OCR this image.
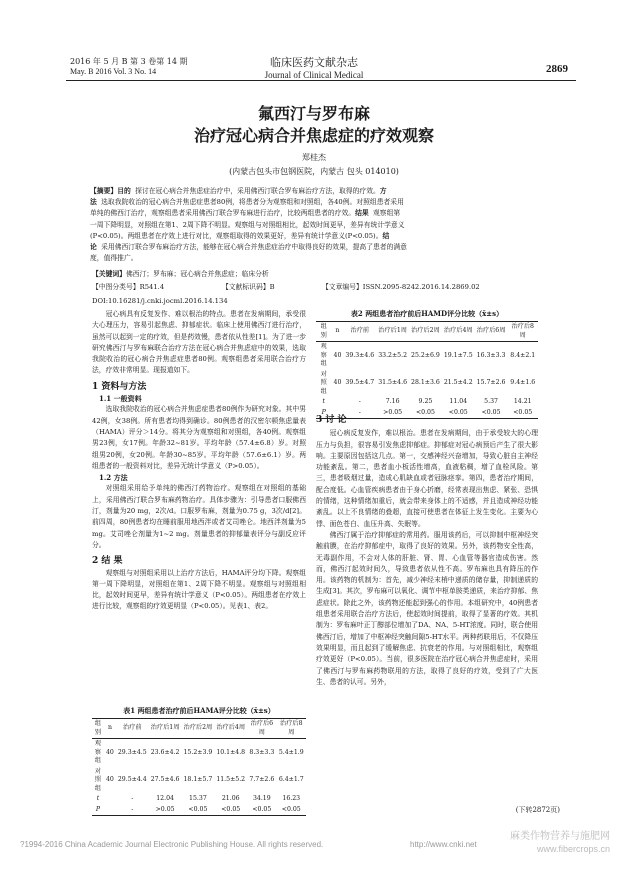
2016 年 5 月 B 第 3 卷第 14 期
May. B 2016 Vol. 3 No. 14
临床医药文献杂志
Journal of Clinical Medical	2869
氟西汀与罗布麻
治疗冠心病合并焦虑症的疗效观察
郑桂杰
(内蒙古包头市包钢医院，内蒙古 包头 014010)
【摘要】目的 探讨在冠心病合并焦虑症治疗中，采用佛西汀联合罗布麻治疗方法，取得的疗效。方
法 选取我院收治的冠心病合并焦虑症患者80例，将患者分为观察组和对照组，各40例。对照组患者采用
单纯的佛西汀治疗，观察组患者采用佛西汀联合罗布麻进行治疗，比较两组患者的疗效。结果 观察组第
一周下降明显，对照组在第1、2周下降不明显。观察组与对照组相比，起效时间更早，差异有统计学意义
(P<0.05)。两组患者在疗效上进行对比，观察组取得的效果更好，差异有统计学意义(P<0.05)。结
论 采用佛西汀联合罗布麻治疗方法，能够在冠心病合并焦虑症治疗中取得良好的效果，提高了患者的满意
度，值得推广。
【关键词】佛西汀；罗布麻；冠心病合并焦虑症；临床分析
【中图分类号】R541.4	【文献标识码】B	【文章编号】ISSN.2095-8242.2016.14.2869.02
DOI:10.16281/j.cnki.jocml.2016.14.134

冠心病具有反复发作、难以根治的特点。患者在发病期间，承受很大心理压力，容易引起焦虑、抑郁症状。临床上使用佛西汀进行治疗，虽然可以起到一定的疗效，但是药效慢，患者依从性差[1]。为了进一步研究佛西汀与罗布麻联合治疗方法在冠心病合并焦虑症中的效果，选取我院收治的冠心病合并焦虑症患者80例。观察组患者采用联合治疗方法，疗效非常明显。现报道如下。

1 资料与方法
1.1 一般资料

选取我院收治的冠心病合并焦虑症患者80例作为研究对象。其中男42例，女38例。所有患者均得到确诊。80例患者的汉密尔顿焦虑量表（HAMA）评分＞14分。将其分为观察组和对照组，各40例。观察组男23例，女17例。年龄32~81岁。平均年龄（57.4±6.8）岁。对照组男20例，女20例。年龄30~85岁。平均年龄（57.6±6.1）岁。两组患者的一般资料对比，差异无统计学意义（P>0.05）。

1.2 方法

对照组采用给予单纯的佛西汀药物治疗。观察组在对照组的基础上，采用佛西汀联合罗布麻药物治疗。具体步骤为：引导患者口服佛西汀，剂量为20 mg，2次/d。口服罗布麻，剂量为0.75 g，3次/d[2]。前四周，80例患者均在睡前服用地西泮或者艾司唑仑。地西泮剂量为5 mg。艾司唑仑剂量为1~2 mg。剂量患者的抑郁量表评分与副反应评分。

2 结 果

观察组与对照组采用以上治疗方法后，HAMA评分均下降。观察组第一周下降明显，对照组在第1、2周下降不明显。观察组与对照组相比，起效时间更早，差异有统计学意义（P<0.05）。两组患者在疗效上进行比较，观察组的疗效更明显（P<0.05）。见表1、表2。

表1 两组患者治疗前后HAMA评分比较（x̄±s）
组别	n	治疗前	治疗后1周	治疗后2周	治疗后4周	治疗后6周	治疗后8周
观察组	40	29.3±4.5	23.6±4.2	15.2±3.9	10.1±4.8	8.3±3.3	5.4±1.9
对照组	40	29.5±4.4	27.5±4.6	18.1±5.7	11.5±5.2	7.7±2.6	6.4±1.7
t		-	12.04	15.37	21.06	34.19	16.23
P		-	>0.05	<0.05	<0.05	<0.05	<0.05
表2 两组患者治疗前后HAMD评分比较（x̄±s）
组别	n	治疗前	治疗后1周	治疗后2周	治疗后4周	治疗后6周	治疗后8周
观察组	40	39.3±4.6	33.2±5.2	25.2±6.9	19.1±7.5	16.3±3.3	8.4±2.1
对照组	40	39.5±4.7	31.5±4.6	28.1±3.6	21.5±4.2	15.7±2.6	9.4±1.6
t		-	7.16	9.25	11.04	5.37	14.21
P		-	>0.05	<0.05	<0.05	<0.05	<0.05
3 讨 论

冠心病反复发作，难以根治。患者在发病期间，由于承受较大的心理压力与负担，很容易引发焦虑抑郁症。抑郁症对冠心病预后产生了很大影响。主要原因包括这几点。第一，交感神经兴奋增加，导致心脏自主神经功能紊乱。第二，患者血小板活性增高，血液粘稠，增了血栓风险。第三，患者吸烟过量，造成心肌缺血或者冠脉痉挛。第四，患者治疗期间，配合度低。心血管疾病患者由于身心折磨，经常表现出焦虑、紧张、恐惧的情绪，这种情绪加重后，就会带来身体上的不适感，并且造成神经功能紊乱。以上不良情绪的叠超，直接可使患者在体征上发生变化。主要为心悸、面色苍白、血压升高、失眠等。

佛西汀属于治疗抑郁症的常用药。服用该药后，可以抑制中枢神经突触前膜，在治疗抑郁症中，取得了良好的效果。另外，该药物安全性高，无毒副作用，不会对人体的肝脏、肾、胃、心血管等器官造成伤害。然而，佛西汀起效时间久，导致患者依从性不高。罗布麻也具有降压的作用。该药物的机制为：首先，减少神经末梢中递质的储存量，抑制递质的生成[3]。其次，罗布麻可以氧化、调节中枢单胺类递质，来治疗抑郁、焦虑症状。除此之外，该药物还能起到强心的作用。本组研究中，40例患者组患者采用联合治疗方法后，使起效时间提前，取得了显著的疗效。其机制为：罗布麻叶正丁醇部位增加了DA、NA、5-HT浓度。同时，联合使用佛西汀后，增加了中枢神经突触间隙5-HT水平。两种药联用后，不仅降压效果明显，而且起到了缓解焦虑、抗衰老的作用。与对照组相比，观察组疗效更好（P<0.05）。当前，很多医院在治疗冠心病合并焦虑症时，采用了佛西汀与罗布麻药物联用的方法，取得了良好的疗效，受到了广大医生、患者的认可。另外，

(下转2872页)
?1994-2016 China Academic Journal Electronic Publishing House. All rights reserved.	http://www.cnki.net
麻类作物营养与施肥网
www.fibercrops.cn
